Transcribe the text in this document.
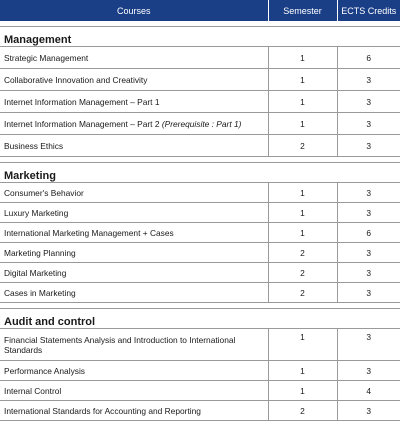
Courses	Semester	ECTS Credits

Management		
Strategic Management	1	6
Collaborative Innovation and Creativity	1	3
Internet Information Management – Part 1	1	3
Internet Information Management – Part 2 (Prerequisite : Part 1)	1	3
Business Ethics	2	3

Marketing		
Consumer's Behavior	1	3
Luxury Marketing	1	3
International Marketing Management + Cases	1	6
Marketing Planning	2	3
Digital Marketing	2	3
Cases in Marketing	2	3

Audit and control		
Financial Statements Analysis and Introduction to International Standards	1	3
Performance Analysis	1	3
Internal Control	1	4
International Standards for Accounting and Reporting	2	3
